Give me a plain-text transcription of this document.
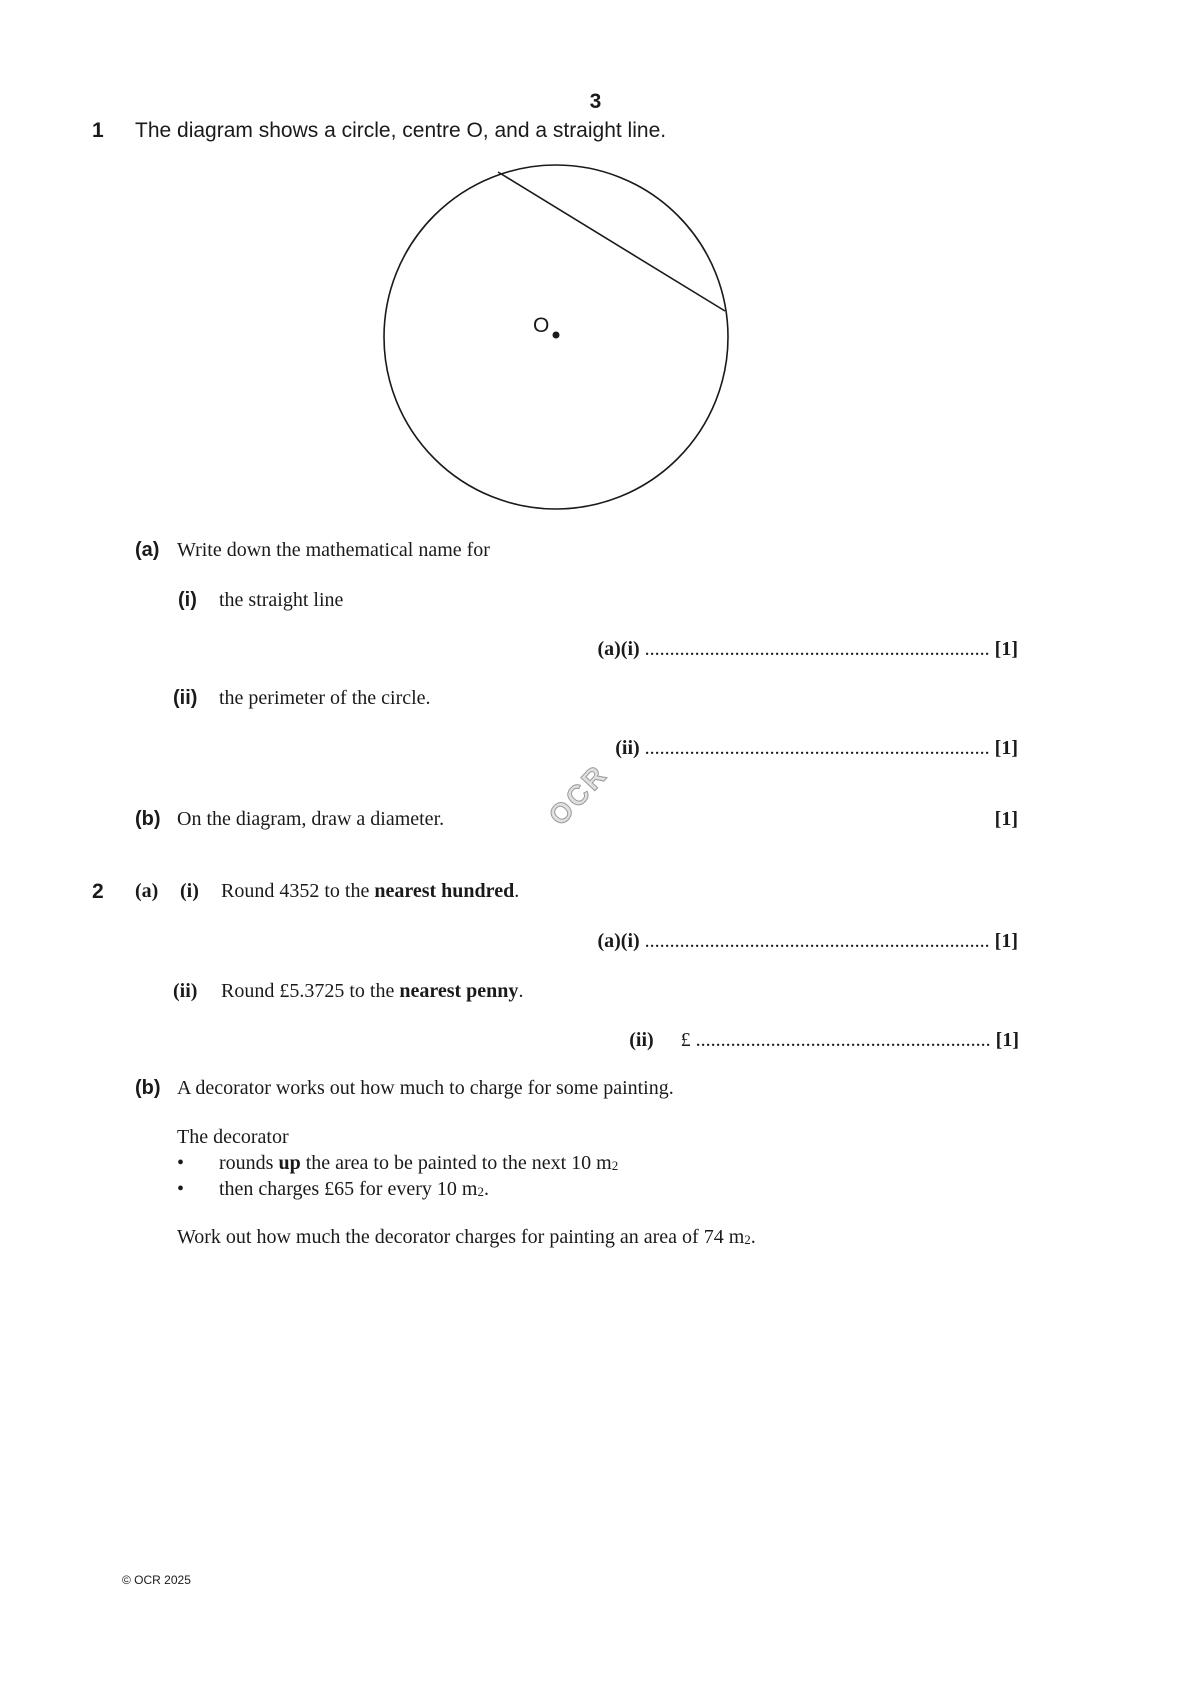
3
1 The diagram shows a circle, centre O, and a straight line.
O
(a) Write down the mathematical name for
(i) the straight line
(a)(i) ..................................................................... [1]
(ii) the perimeter of the circle.
(ii) ..................................................................... [1]
OCR
(b) On the diagram, draw a diameter.	[1]
2 (a) (i) Round 4352 to the nearest hundred.
(a)(i) ..................................................................... [1]
(ii) Round £5.3725 to the nearest penny.
(ii) £ ........................................................... [1]
(b) A decorator works out how much to charge for some painting.
The decorator
• rounds up the area to be painted to the next 10 m2
• then charges £65 for every 10 m2.
Work out how much the decorator charges for painting an area of 74 m2.
© OCR 2025
